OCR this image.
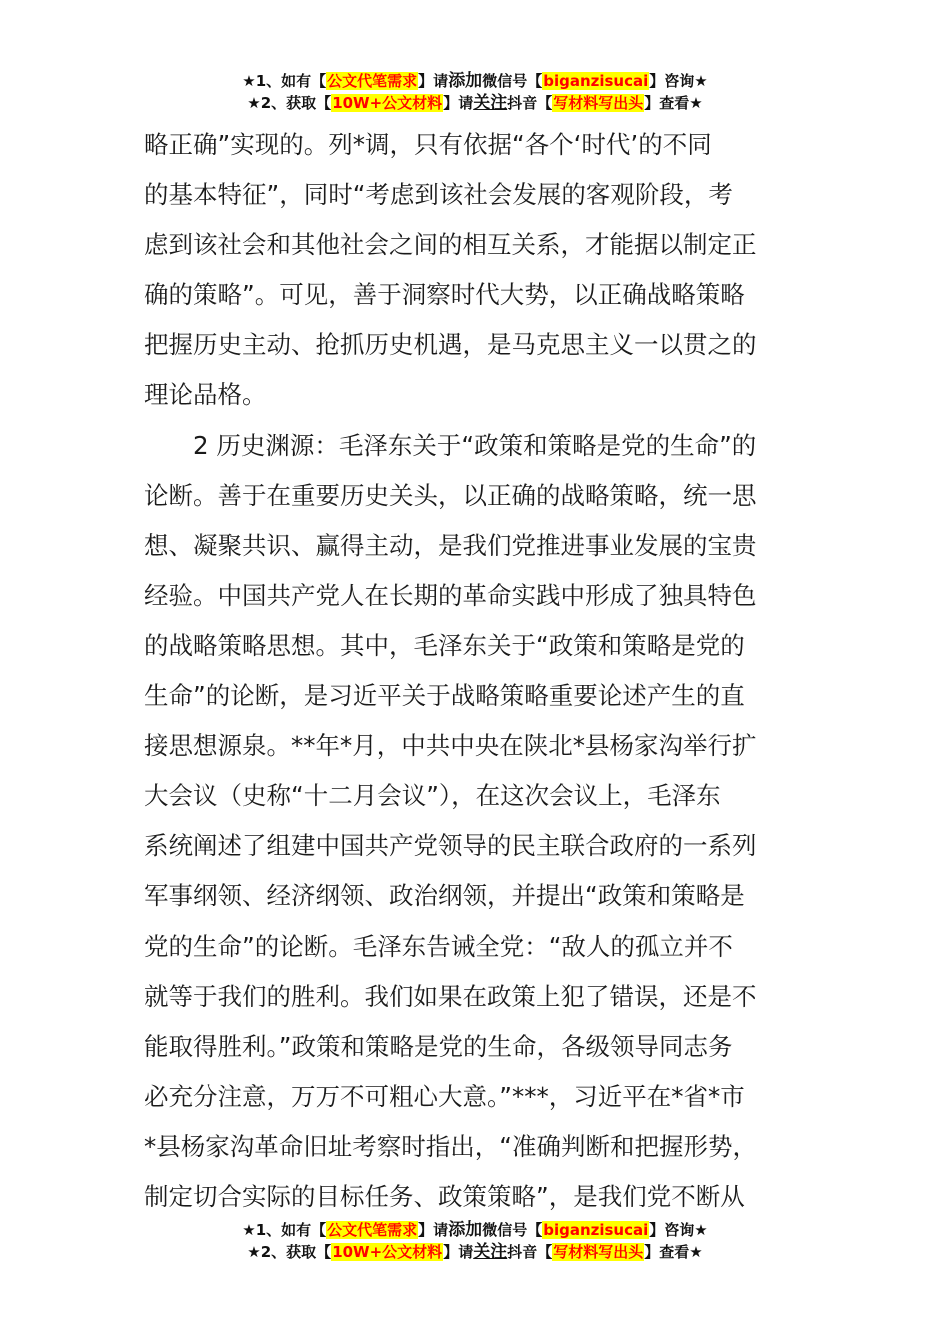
★1、如有【公文代笔需求】请添加微信号【biganzisucai】咨询★
★2、获取【10W+公文材料】请关注抖音【写材料写出头】查看★
略正确”实现的。列*调，只有依据“各个‘时代’的不同
的基本特征”，同时“考虑到该社会发展的客观阶段，考
虑到该社会和其他社会之间的相互关系，才能据以制定正
确的策略”。可见，善于洞察时代大势，以正确战略策略
把握历史主动、抢抓历史机遇，是马克思主义一以贯之的
理论品格。
　　2 历史渊源：毛泽东关于“政策和策略是党的生命”的
论断。善于在重要历史关头，以正确的战略策略，统一思
想、凝聚共识、赢得主动，是我们党推进事业发展的宝贵
经验。中国共产党人在长期的革命实践中形成了独具特色
的战略策略思想。其中，毛泽东关于“政策和策略是党的
生命”的论断，是习近平关于战略策略重要论述产生的直
接思想源泉。**年*月，中共中央在陕北*县杨家沟举行扩
大会议（史称“十二月会议”），在这次会议上，毛泽东
系统阐述了组建中国共产党领导的民主联合政府的一系列
军事纲领、经济纲领、政治纲领，并提出“政策和策略是
党的生命”的论断。毛泽东告诫全党：“敌人的孤立并不
就等于我们的胜利。我们如果在政策上犯了错误，还是不
能取得胜利。”政策和策略是党的生命，各级领导同志务
必充分注意，万万不可粗心大意。”***，习近平在*省*市
*县杨家沟革命旧址考察时指出，“准确判断和把握形势，
制定切合实际的目标任务、政策策略”，是我们党不断从
★1、如有【公文代笔需求】请添加微信号【biganzisucai】咨询★
★2、获取【10W+公文材料】请关注抖音【写材料写出头】查看★
